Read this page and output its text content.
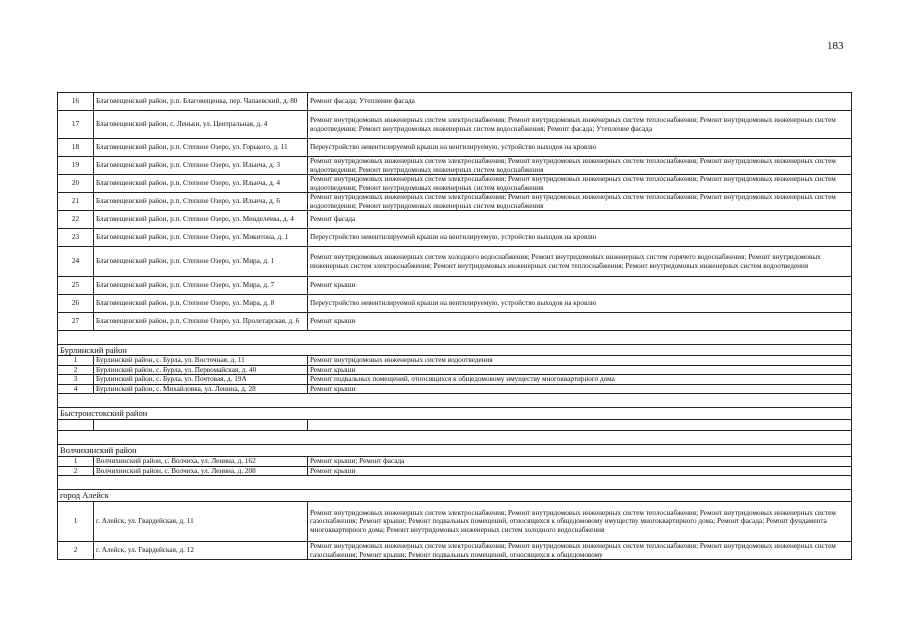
183
16	Благовещенский район, р.п. Благовещенка, пер. Чапаевский, д. 80	Ремонт фасада; Утепление фасада
17	Благовещенский район, с. Леньки, ул. Центральная, д. 4	Ремонт внутридомовых инженерных систем электроснабжения; Ремонт внутридомовых инженерных систем теплоснабжения; Ремонт внутридомовых инженерных систем водоотведения; Ремонт внутридомовых инженерных систем водоснабжения; Ремонт фасада; Утепление фасада
18	Благовещенский район, р.п. Степное Озеро, ул. Горького, д. 11	Переустройство невентилируемой крыши на вентилируемую, устройство выходов на кровлю
19	Благовещенский район, р.п. Степное Озеро, ул. Ильича, д. 3	Ремонт внутридомовых инженерных систем электроснабжения; Ремонт внутридомовых инженерных систем теплоснабжения; Ремонт внутридомовых инженерных систем водоотведения; Ремонт внутридомовых инженерных систем водоснабжения
20	Благовещенский район, р.п. Степное Озеро, ул. Ильича, д. 4	Ремонт внутридомовых инженерных систем электроснабжения; Ремонт внутридомовых инженерных систем теплоснабжения; Ремонт внутридомовых инженерных систем водоотведения; Ремонт внутридомовых инженерных систем водоснабжения
21	Благовещенский район, р.п. Степное Озеро, ул. Ильича, д. 6	Ремонт внутридомовых инженерных систем электроснабжения; Ремонт внутридомовых инженерных систем теплоснабжения; Ремонт внутридомовых инженерных систем водоотведения; Ремонт внутридомовых инженерных систем водоснабжения
22	Благовещенский район, р.п. Степное Озеро, ул. Менделеева, д. 4	Ремонт фасада
23	Благовещенский район, р.п. Степное Озеро, ул. Микитона, д. 1	Переустройство невентилируемой крыши на вентилируемую, устройство выходов на кровлю
24	Благовещенский район, р.п. Степное Озеро, ул. Мира, д. 1	Ремонт внутридомовых инженерных систем холодного водоснабжения; Ремонт внутридомовых инженерных систем горячего водоснабжения; Ремонт внутридомовых инженерных систем электроснабжения; Ремонт внутридомовых инженерных систем теплоснабжения; Ремонт внутридомовых инженерных систем водоотведения
25	Благовещенский район, р.п. Степное Озеро, ул. Мира, д. 7	Ремонт крыши
26	Благовещенский район, р.п. Степное Озеро, ул. Мира, д. 8	Переустройство невентилируемой крыши на вентилируемую, устройство выходов на кровлю
27	Благовещенский район, р.п. Степное Озеро, ул. Пролетарская, д. 6	Ремонт крыши

Бурлинский район		
1	Бурлинский район, с. Бурла, ул. Восточная, д. 11	Ремонт внутридомовых инженерных систем водоотведения
2	Бурлинский район, с. Бурла, ул. Первомайская, д. 40	Ремонт крыши
3	Бурлинский район, с. Бурла, ул. Почтовая, д. 19А	Ремонт подвальных помещений, относящихся к общедомовому имуществу многоквартирного дома
4	Бурлинский район, с. Михайловка, ул. Ленина, д. 28	Ремонт крыши

Быстроистокский район		

Волчихинский район		
1	Волчихинский район, с. Волчиха, ул. Ленина, д. 162	Ремонт крыши; Ремонт фасада
2	Волчихинский район, с. Волчиха, ул. Ленина, д. 208	Ремонт крыши

город Алейск		
1	г. Алейск, ул. Гвардейская, д. 11	Ремонт внутридомовых инженерных систем электроснабжения; Ремонт внутридомовых инженерных систем теплоснабжения; Ремонт внутридомовых инженерных систем газоснабжения; Ремонт крыши; Ремонт подвальных помещений, относящихся к общедомовому имуществу многоквартирного дома; Ремонт фасада; Ремонт фундамента многоквартирного дома; Ремонт внутридомовых инженерных систем холодного водоснабжения
2	г. Алейск, ул. Гвардейская, д. 12	Ремонт внутридомовых инженерных систем электроснабжения; Ремонт внутридомовых инженерных систем теплоснабжения; Ремонт внутридомовых инженерных систем газоснабжения; Ремонт крыши; Ремонт подвальных помещений, относящихся к общедомовому
